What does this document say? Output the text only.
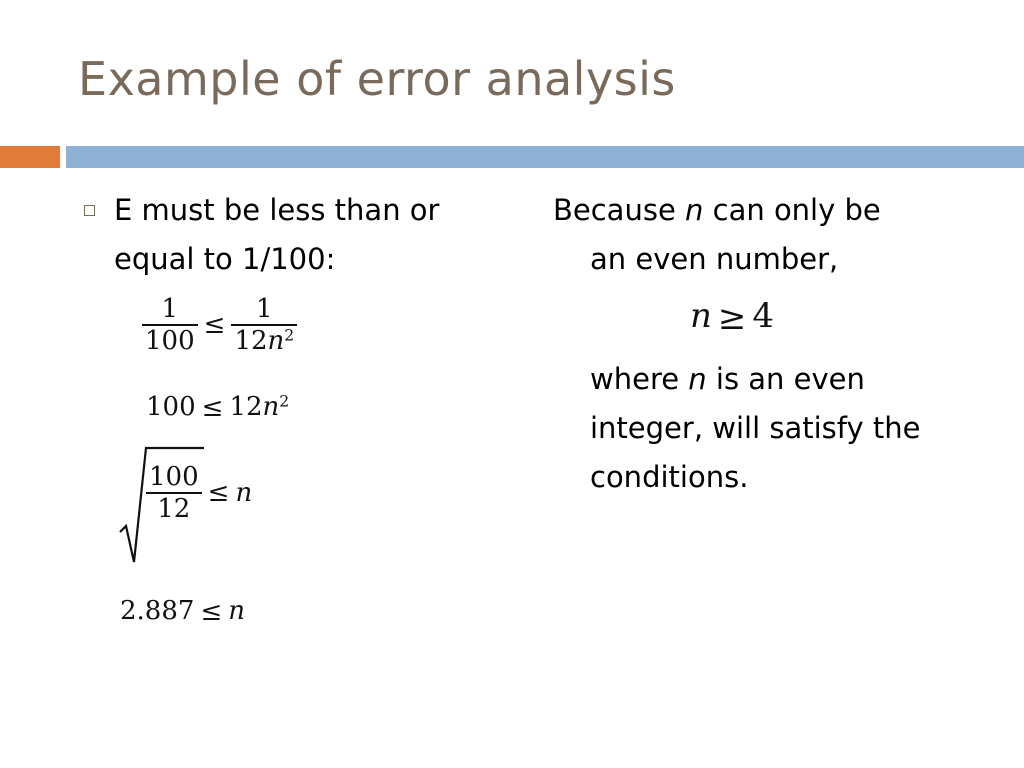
Example of error analysis
E must be less than or
equal to 1/100:
$\frac{1}{100} \le \frac{1}{12n^2}$
$100 \le 12n^2$
$\frac{100}{12} \le n$
2.887 ≤ n
Because n can only be
an even number,
n ≥ 4
where n is an even
integer, will satisfy the
conditions.
